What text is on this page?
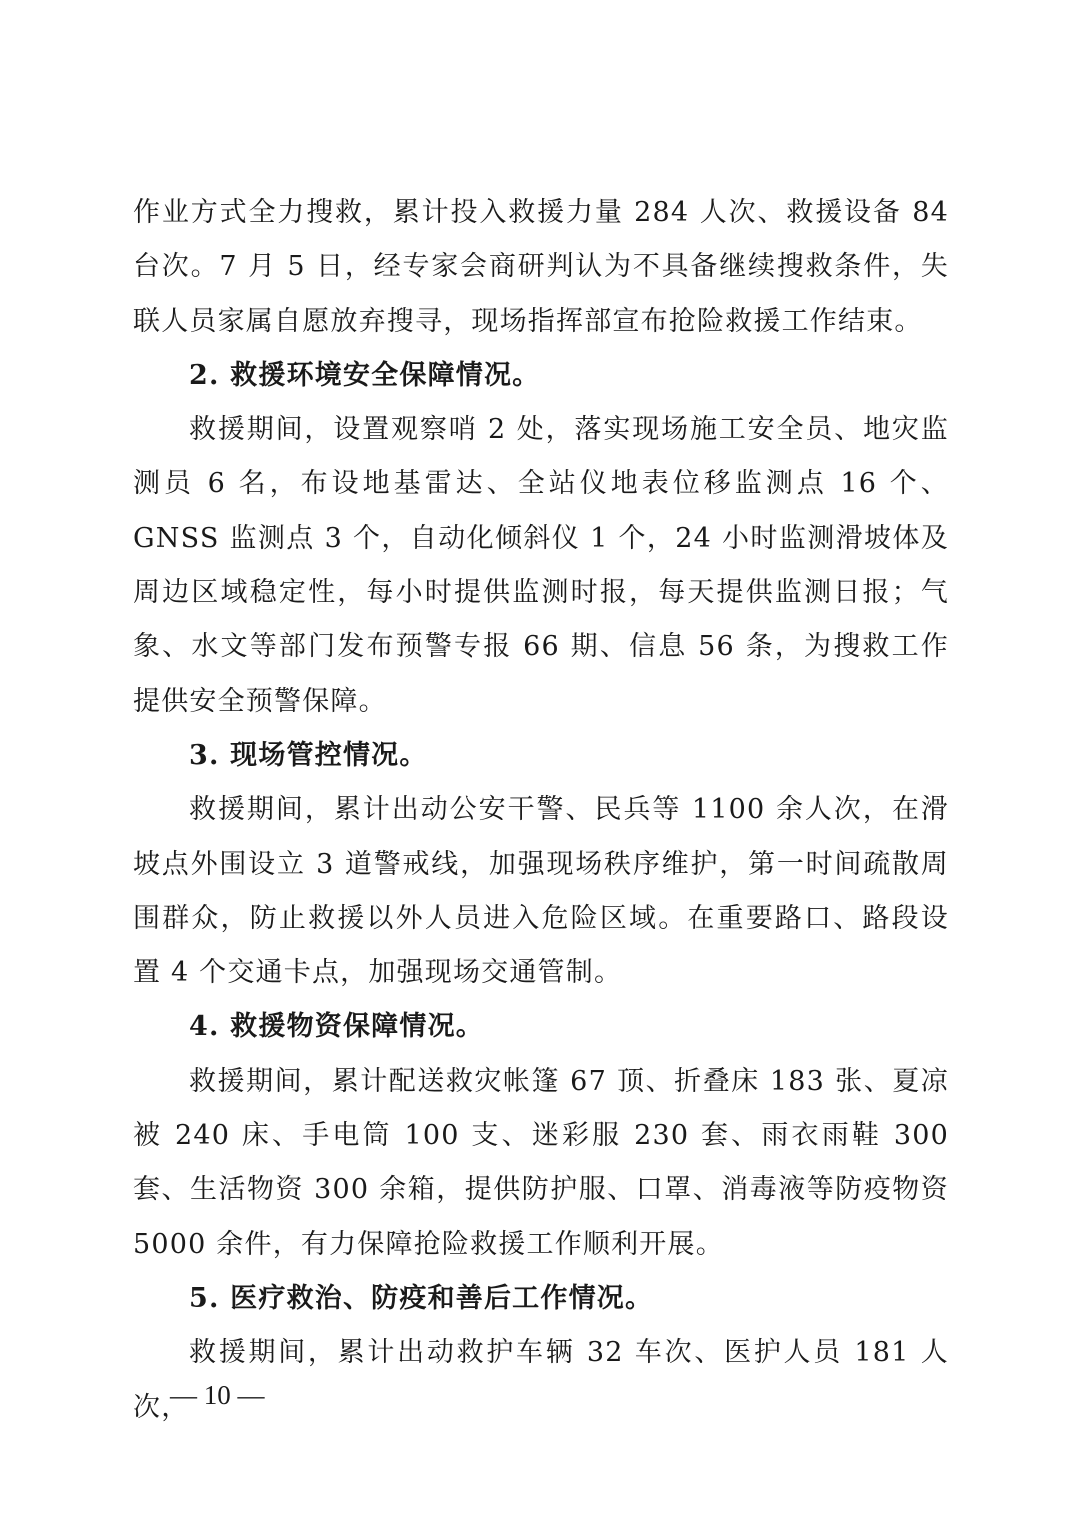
作业方式全力搜救，累计投入救援力量 284 人次、救援设备 84 台次。7 月 5 日，经专家会商研判认为不具备继续搜救条件，失联人员家属自愿放弃搜寻，现场指挥部宣布抢险救援工作结束。

2. 救援环境安全保障情况。

救援期间，设置观察哨 2 处，落实现场施工安全员、地灾监测员 6 名，布设地基雷达、全站仪地表位移监测点 16 个、GNSS 监测点 3 个，自动化倾斜仪 1 个，24 小时监测滑坡体及周边区域稳定性，每小时提供监测时报，每天提供监测日报；气象、水文等部门发布预警专报 66 期、信息 56 条，为搜救工作提供安全预警保障。

3. 现场管控情况。

救援期间，累计出动公安干警、民兵等 1100 余人次，在滑坡点外围设立 3 道警戒线，加强现场秩序维护，第一时间疏散周围群众，防止救援以外人员进入危险区域。在重要路口、路段设置 4 个交通卡点，加强现场交通管制。

4. 救援物资保障情况。

救援期间，累计配送救灾帐篷 67 顶、折叠床 183 张、夏凉被 240 床、手电筒 100 支、迷彩服 230 套、雨衣雨鞋 300 套、生活物资 300 余箱，提供防护服、口罩、消毒液等防疫物资 5000 余件，有力保障抢险救援工作顺利开展。

5. 医疗救治、防疫和善后工作情况。

救援期间，累计出动救护车辆 32 车次、医护人员 181 人次，

— 10 —
